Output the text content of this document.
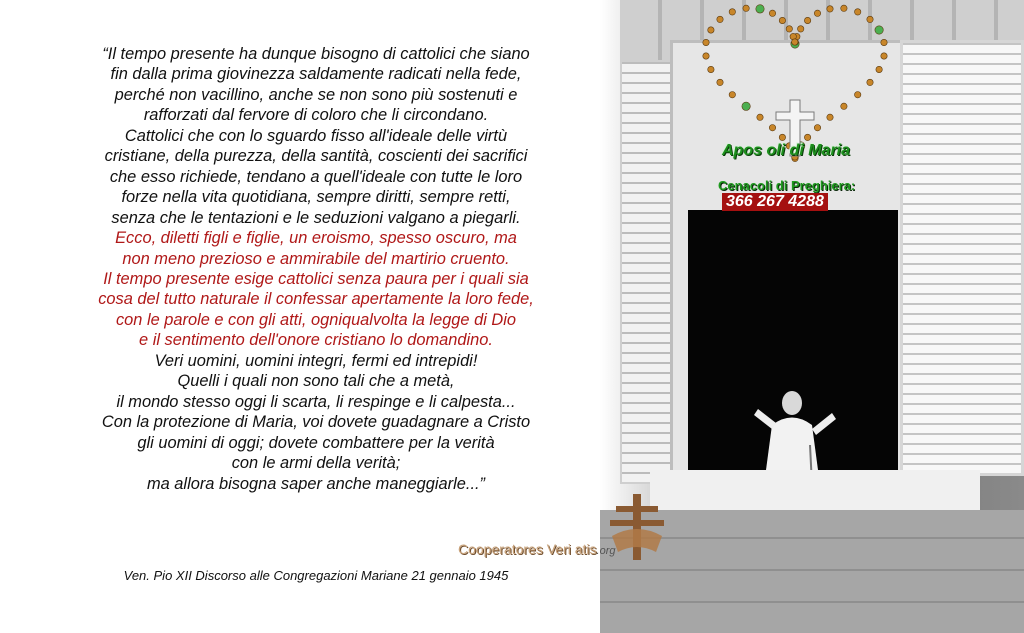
“Il tempo presente ha dunque bisogno di cattolici che siano
fin dalla prima giovinezza saldamente radicati nella fede,
perché non vacillino, anche se non sono più sostenuti e
rafforzati dal fervore di coloro che li circondano.
Cattolici che con lo sguardo fisso all'ideale delle virtù
cristiane, della purezza, della santità, coscienti dei sacrifici
che esso richiede, tendano a quell'ideale con tutte le loro
forze nella vita quotidiana, sempre diritti, sempre retti,
senza che le tentazioni e le seduzioni valgano a piegarli.
Ecco, diletti figli e figlie, un eroismo, spesso oscuro, ma
non meno prezioso e ammirabile del martirio cruento.
Il tempo presente esige cattolici senza paura per i quali sia
cosa del tutto naturale il confessar apertamente la loro fede,
con le parole e con gli atti, ogniqualvolta la legge di Dio
e il sentimento dell'onore cristiano lo domandino.
Veri uomini, uomini integri, fermi ed intrepidi!
Quelli i quali non sono tali che a metà,
il mondo stesso oggi li scarta, li respinge e li calpesta...
Con la protezione di Maria, voi dovete guadagnare a Cristo
gli uomini di oggi; dovete combattere per la verità
con le armi della verità;
ma allora bisogna saper anche maneggiarle...”

Ven. Pio XII Discorso alle Congregazioni Mariane 21 gennaio 1945
Apos oli di Maria
Cenacoli di Preghiera:
366 267 4288
Cooperatores Veri atis.org
